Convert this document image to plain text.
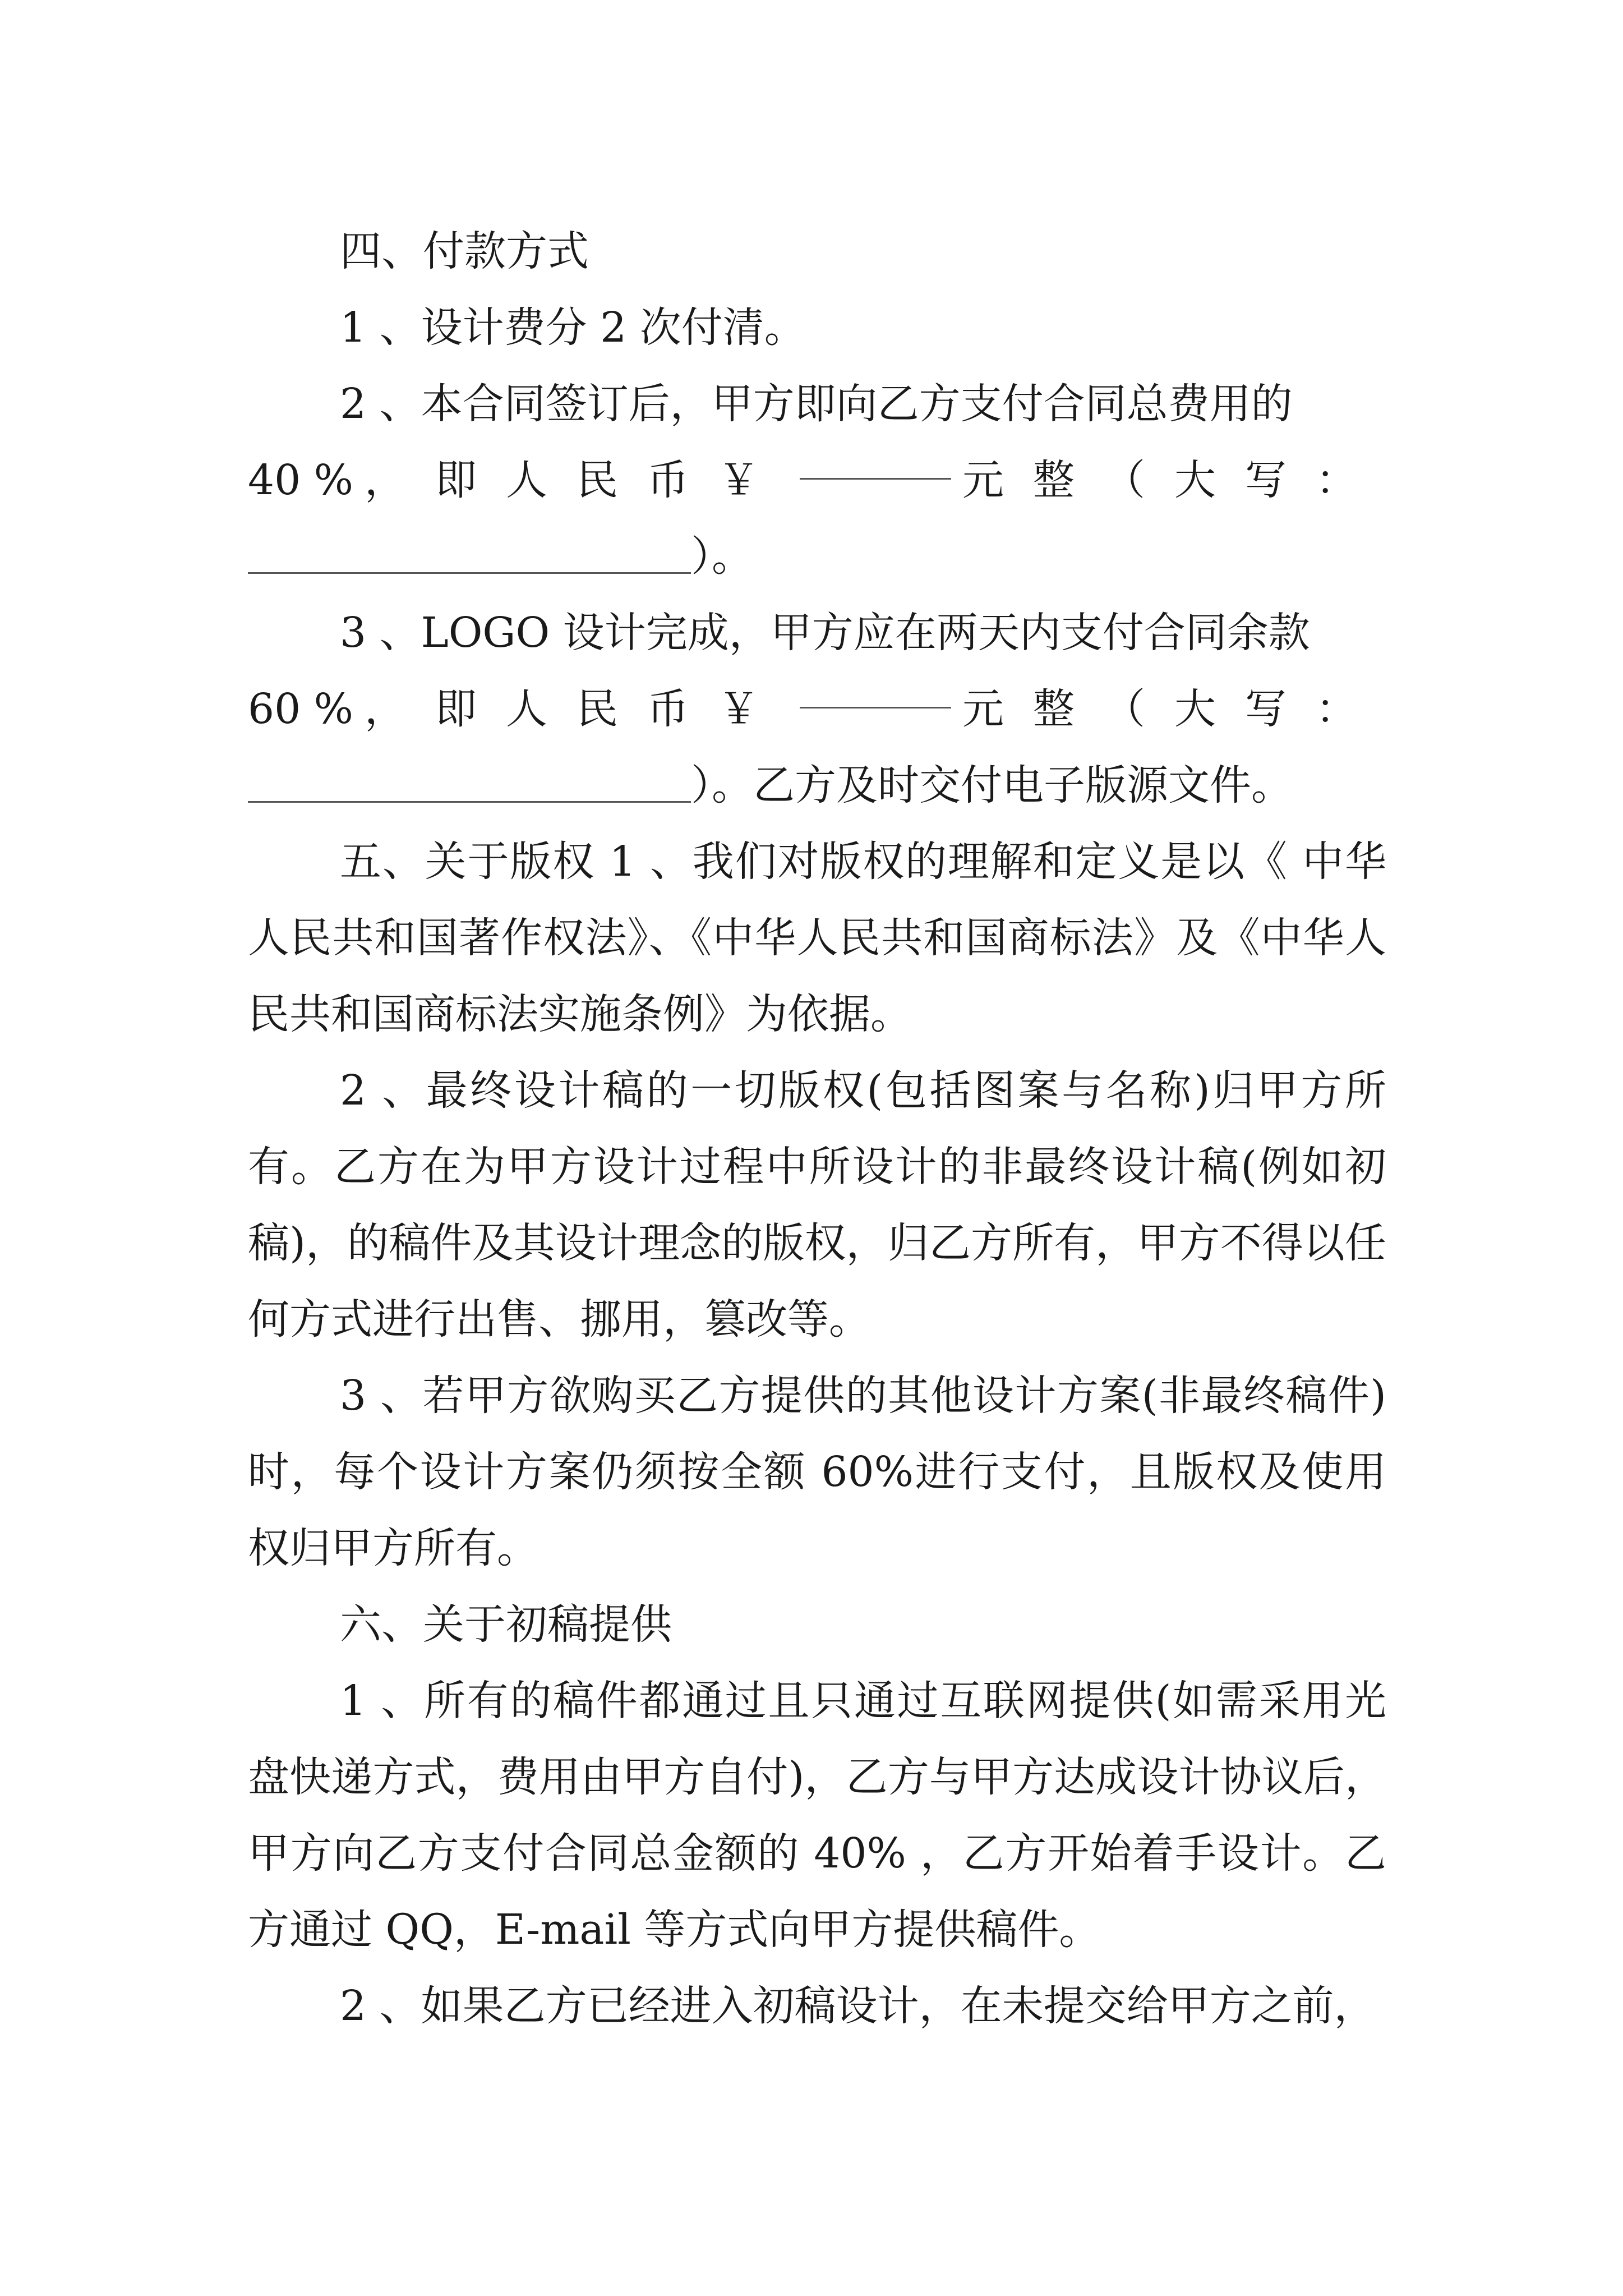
四、付款方式

1 、设计费分 2 次付清。

2 、本合同签订后，甲方即向乙方支付合同总费用的
40 % ，即人民币￥	元整（大写：
）。

3 、LOGO 设计完成，甲方应在两天内支付合同余款
60 % ，即人民币￥	元整（大写：
）。乙方及时交付电子版源文件。

五、关于版权 1 、我们对版权的理解和定义是以《 中华人民共和国著作权法》、《中华人民共和国商标法》及《中华人民共和国商标法实施条例》为依据。

2 、最终设计稿的一切版权(包括图案与名称)归甲方所有。乙方在为甲方设计过程中所设计的非最终设计稿(例如初稿)，的稿件及其设计理念的版权，归乙方所有，甲方不得以任何方式进行出售、挪用，篡改等。

3 、若甲方欲购买乙方提供的其他设计方案(非最终稿件)时，每个设计方案仍须按全额 60%进行支付，且版权及使用权归甲方所有。

六、关于初稿提供

1 、所有的稿件都通过且只通过互联网提供(如需采用光盘快递方式，费用由甲方自付)，乙方与甲方达成设计协议后，甲方向乙方支付合同总金额的 40% ，乙方开始着手设计。乙方通过 QQ，E-mail 等方式向甲方提供稿件。

2 、如果乙方已经进入初稿设计，在未提交给甲方之前，
